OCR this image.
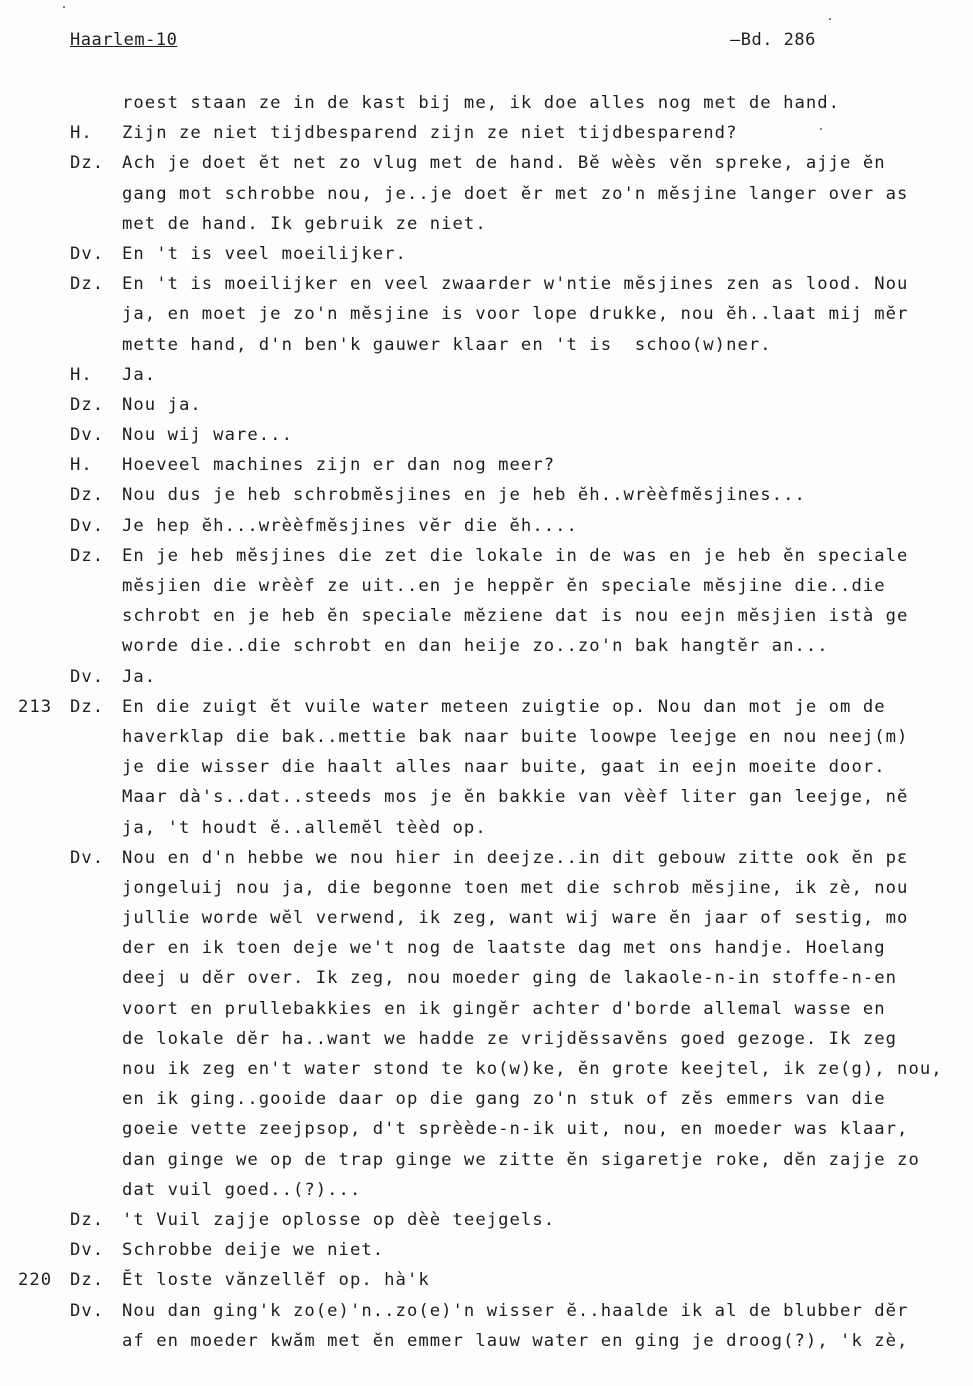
Haarlem-10	—Bd. 286
roest staan ze in de kast bij me, ik doe alles nog met de hand.
H. Zijn ze niet tijdbesparend zijn ze niet tijdbesparend?
Dz. Ach je doet ĕt net zo vlug met de hand. Bĕ wèès vĕn spreke, ajje ĕn
gang mot schrobbe nou, je..je doet ĕr met zo'n mĕsjine langer over as
met de hand. Ik gebruik ze niet.
Dv. En 't is veel moeilijker.
Dz. En 't is moeilijker en veel zwaarder w'ntie mĕsjines zen as lood. Nou
ja, en moet je zo'n mĕsjine is voor lope drukke, nou ĕh..laat mij mĕr
mette hand, d'n ben'k gauwer klaar en 't is  schoo(w)ner.
H. Ja.
Dz. Nou ja.
Dv. Nou wij ware...
H. Hoeveel machines zijn er dan nog meer?
Dz. Nou dus je heb schrobmĕsjines en je heb ĕh..wrèèfmĕsjines...
Dv. Je hep ĕh...wrèèfmĕsjines vĕr die ĕh....
Dz. En je heb mĕsjines die zet die lokale in de was en je heb ĕn speciale
mĕsjien die wrèèf ze uit..en je heppĕr ĕn speciale mĕsjine die..die
schrobt en je heb ĕn speciale mĕziene dat is nou eejn mĕsjien istà ge
worde die..die schrobt en dan heije zo..zo'n bak hangtĕr an...
Dv. Ja.
213 Dz. En die zuigt ĕt vuile water meteen zuigtie op. Nou dan mot je om de
haverklap die bak..mettie bak naar buite loowpe leejge en nou neej(m)
je die wisser die haalt alles naar buite, gaat in eejn moeite door.
Maar dà's..dat..steeds mos je ĕn bakkie van vèèf liter gan leejge, nĕ
ja, 't houdt ĕ..allemĕl tèèd op.
Dv. Nou en d'n hebbe we nou hier in deejze..in dit gebouw zitte ook ĕn pε
jongeluij nou ja, die begonne toen met die schrob mĕsjine, ik zè, nou
jullie worde wĕl verwend, ik zeg, want wij ware ĕn jaar of sestig, mo
der en ik toen deje we't nog de laatste dag met ons handje. Hoelang
deej u dĕr over. Ik zeg, nou moeder ging de lakaole-n-in stoffe-n-en
voort en prullebakkies en ik gingĕr achter d'borde allemal wasse en
de lokale dĕr ha..want we hadde ze vrijdĕssavĕns goed gezoge. Ik zeg
nou ik zeg en't water stond te ko(w)ke, ĕn grote keejtel, ik ze(g), nou,
en ik ging..gooide daar op die gang zo'n stuk of zĕs emmers van die
goeie vette zeejpsop, d't sprèède-n-ik uit, nou, en moeder was klaar,
dan ginge we op de trap ginge we zitte ĕn sigaretje roke, dĕn zajje zo
dat vuil goed..(?)...
Dz. 't Vuil zajje oplosse op dèè teejgels.
Dv. Schrobbe deije we niet.
220 Dz. Ĕt loste vănzellĕf op. hà'k
Dv. Nou dan ging'k zo(e)'n..zo(e)'n wisser ĕ..haalde ik al de blubber dĕr
af en moeder kwăm met ĕn emmer lauw water en ging je droog(?), 'k zè,
